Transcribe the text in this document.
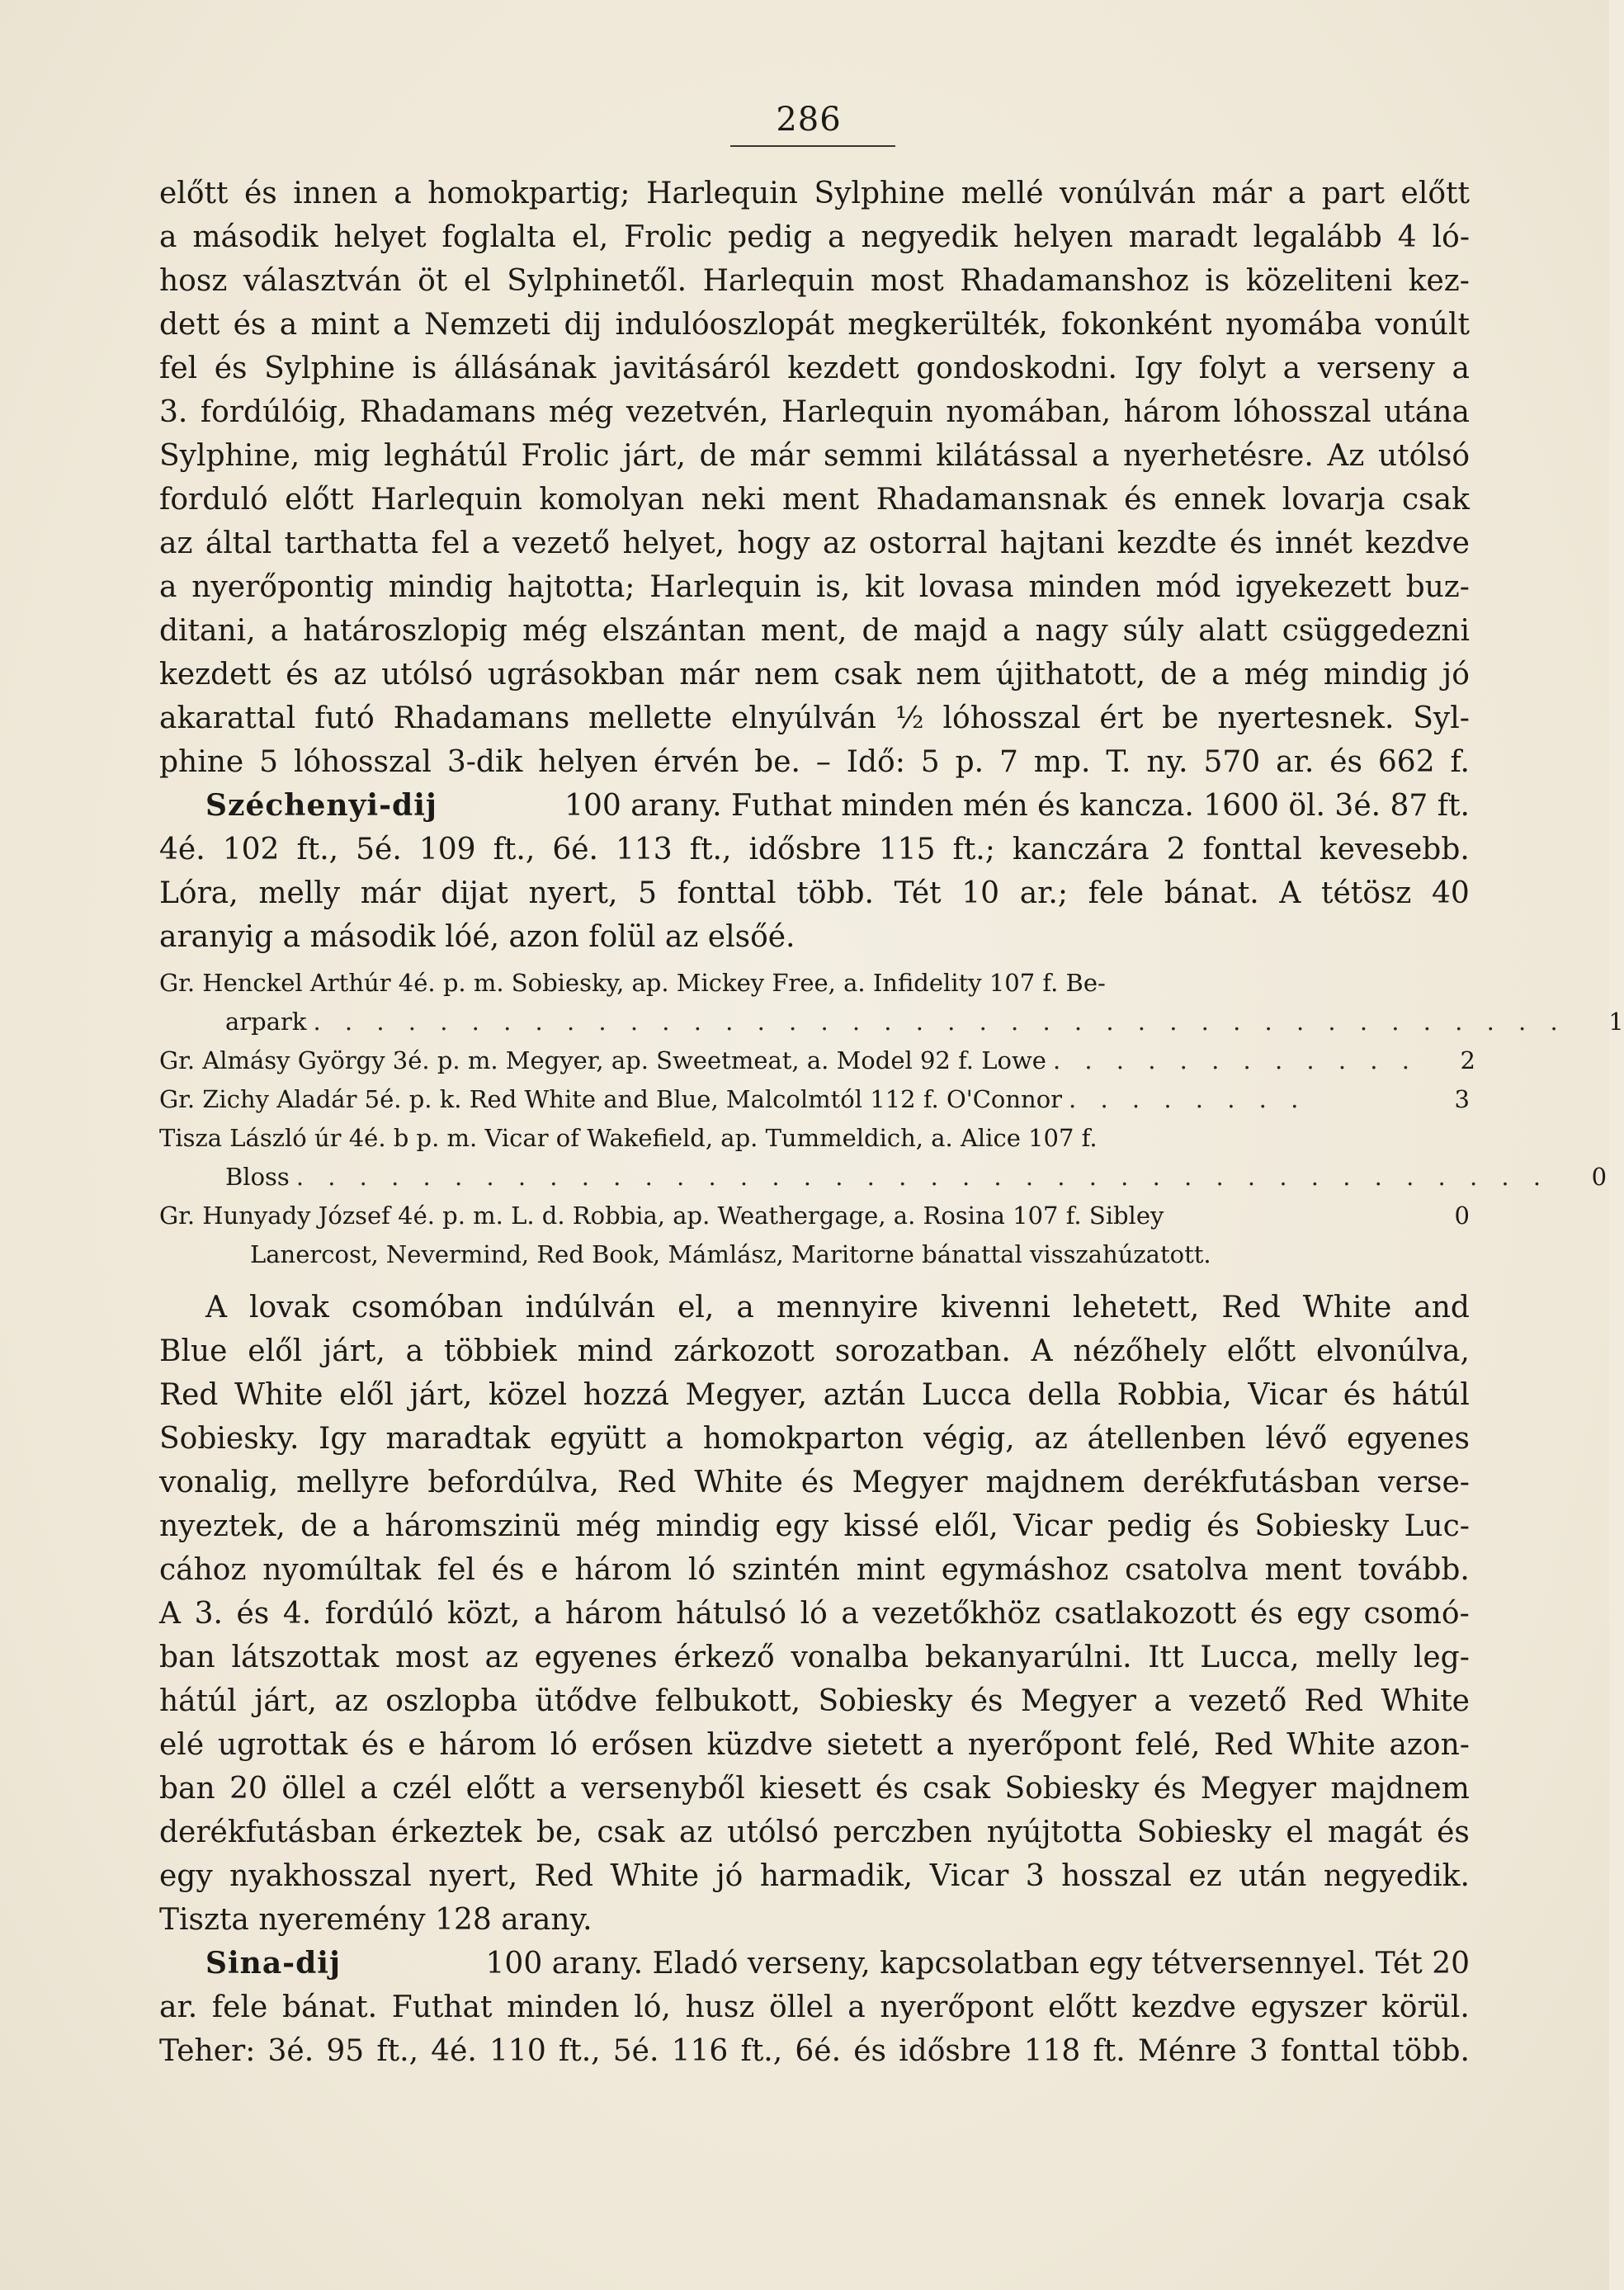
286
előtt és innen a homokpartig; Harlequin Sylphine mellé vonúlván már a part előtt
a második helyet foglalta el, Frolic pedig a negyedik helyen maradt legalább 4 ló-
hosz választván öt el Sylphinetől. Harlequin most Rhadamanshoz is közeliteni kez-
dett és a mint a Nemzeti dij indulóoszlopát megkerülték, fokonként nyomába vonúlt
fel és Sylphine is állásának javitásáról kezdett gondoskodni. Igy folyt a verseny a
3. fordúlóig, Rhadamans még vezetvén, Harlequin nyomában, három lóhosszal utána
Sylphine, mig leghátúl Frolic járt, de már semmi kilátással a nyerhetésre. Az utólsó
forduló előtt Harlequin komolyan neki ment Rhadamansnak és ennek lovarja csak
az által tarthatta fel a vezető helyet, hogy az ostorral hajtani kezdte és innét kezdve
a nyerőpontig mindig hajtotta; Harlequin is, kit lovasa minden mód igyekezett buz-
ditani, a határoszlopig még elszántan ment, de majd a nagy súly alatt csüggedezni
kezdett és az utólsó ugrásokban már nem csak nem újithatott, de a még mindig jó
akarattal futó Rhadamans mellette elnyúlván ½ lóhosszal ért be nyertesnek. Syl-
phine 5 lóhosszal 3-dik helyen érvén be. – Idő: 5 p. 7 mp. T. ny. 570 ar. és 662 f.
Széchenyi-dij	100 arany. Futhat minden mén és kancza. 1600 öl. 3é. 87 ft.
4é. 102 ft., 5é. 109 ft., 6é. 113 ft., idősbre 115 ft.; kanczára 2 fonttal kevesebb.
Lóra, melly már dijat nyert, 5 fonttal több. Tét 10 ar.; fele bánat. A tétösz 40
aranyig a második lóé, azon folül az elsőé.
Gr. Henckel Arthúr 4é. p. m. Sobiesky, ap. Mickey Free, a. Infidelity 107 f. Be-
arpark . . . . . . . . . . . . . . . . . . . . . . . . . . . . . . . . . . . . . . . .	1
Gr. Almásy György 3é. p. m. Megyer, ap. Sweetmeat, a. Model 92 f. Lowe . . . . . . . . . . . .	2
Gr. Zichy Aladár 5é. p. k. Red White and Blue, Malcolmtól 112 f. O'Connor . . . . . . . .	3
Tisza László úr 4é. b p. m. Vicar of Wakefield, ap. Tummeldich, a. Alice 107 f.
Bloss . . . . . . . . . . . . . . . . . . . . . . . . . . . . . . . . . . . . . . . .	0
Gr. Hunyady József 4é. p. m. L. d. Robbia, ap. Weathergage, a. Rosina 107 f. Sibley	0
Lanercost, Nevermind, Red Book, Mámlász, Maritorne bánattal visszahúzatott.
A lovak csomóban indúlván el, a mennyire kivenni lehetett, Red White and
Blue elől járt, a többiek mind zárkozott sorozatban. A nézőhely előtt elvonúlva,
Red White elől járt, közel hozzá Megyer, aztán Lucca della Robbia, Vicar és hátúl
Sobiesky. Igy maradtak együtt a homokparton végig, az átellenben lévő egyenes
vonalig, mellyre befordúlva, Red White és Megyer majdnem derékfutásban verse-
nyeztek, de a háromszinü még mindig egy kissé elől, Vicar pedig és Sobiesky Luc-
cához nyomúltak fel és e három ló szintén mint egymáshoz csatolva ment tovább.
A 3. és 4. fordúló közt, a három hátulsó ló a vezetőkhöz csatlakozott és egy csomó-
ban látszottak most az egyenes érkező vonalba bekanyarúlni. Itt Lucca, melly leg-
hátúl járt, az oszlopba ütődve felbukott, Sobiesky és Megyer a vezető Red White
elé ugrottak és e három ló erősen küzdve sietett a nyerőpont felé, Red White azon-
ban 20 öllel a czél előtt a versenyből kiesett és csak Sobiesky és Megyer majdnem
derékfutásban érkeztek be, csak az utólsó perczben nyújtotta Sobiesky el magát és
egy nyakhosszal nyert, Red White jó harmadik, Vicar 3 hosszal ez után negyedik.
Tiszta nyeremény 128 arany.
Sina-dij	100 arany. Eladó verseny, kapcsolatban egy tétversennyel. Tét 20
ar. fele bánat. Futhat minden ló, husz öllel a nyerőpont előtt kezdve egyszer körül.
Teher: 3é. 95 ft., 4é. 110 ft., 5é. 116 ft., 6é. és idősbre 118 ft. Ménre 3 fonttal több.
